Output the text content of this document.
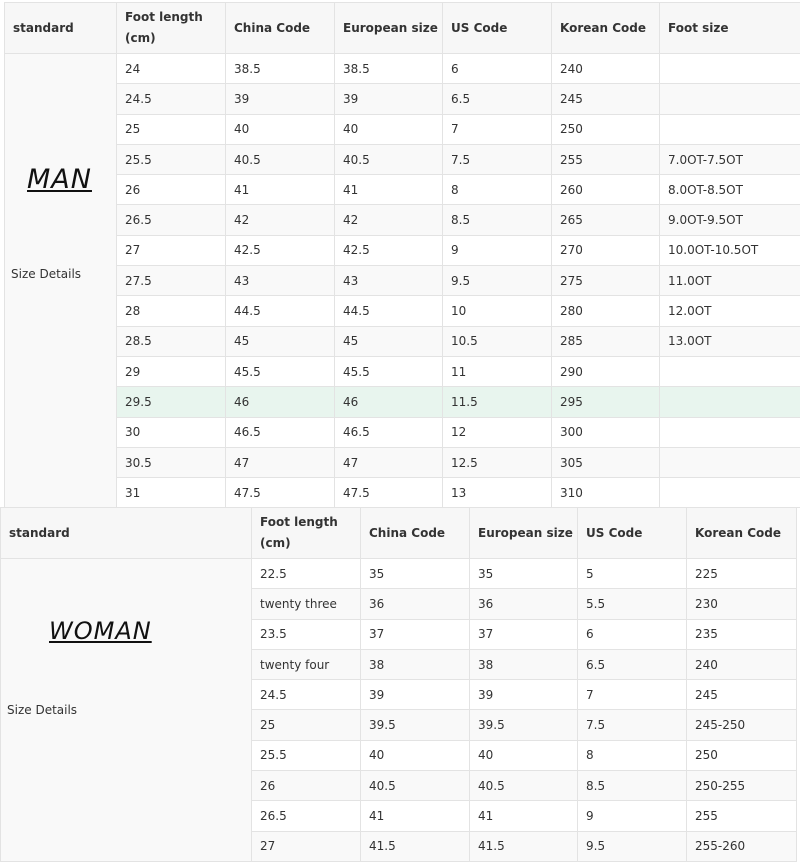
standard	Foot length (cm)	China Code	European size	US Code	Korean Code	Foot size

MAN
Size Details	24	38.5	38.5	6	240	
	24.5	39	39	6.5	245	
	25	40	40	7	250	
	25.5	40.5	40.5	7.5	255	7.0OT-7.5OT
	26	41	41	8	260	8.0OT-8.5OT
	26.5	42	42	8.5	265	9.0OT-9.5OT
	27	42.5	42.5	9	270	10.0OT-10.5OT
	27.5	43	43	9.5	275	11.0OT
	28	44.5	44.5	10	280	12.0OT
	28.5	45	45	10.5	285	13.0OT
	29	45.5	45.5	11	290	
	29.5	46	46	11.5	295	
	30	46.5	46.5	12	300	
	30.5	47	47	12.5	305	
	31	47.5	47.5	13	310	
standard	Foot length (cm)	China Code	European size	US Code	Korean Code

WOMAN
Size Details	22.5	35	35	5	225
	twenty three	36	36	5.5	230
	23.5	37	37	6	235
	twenty four	38	38	6.5	240
	24.5	39	39	7	245
	25	39.5	39.5	7.5	245-250
	25.5	40	40	8	250
	26	40.5	40.5	8.5	250-255
	26.5	41	41	9	255
	27	41.5	41.5	9.5	255-260
